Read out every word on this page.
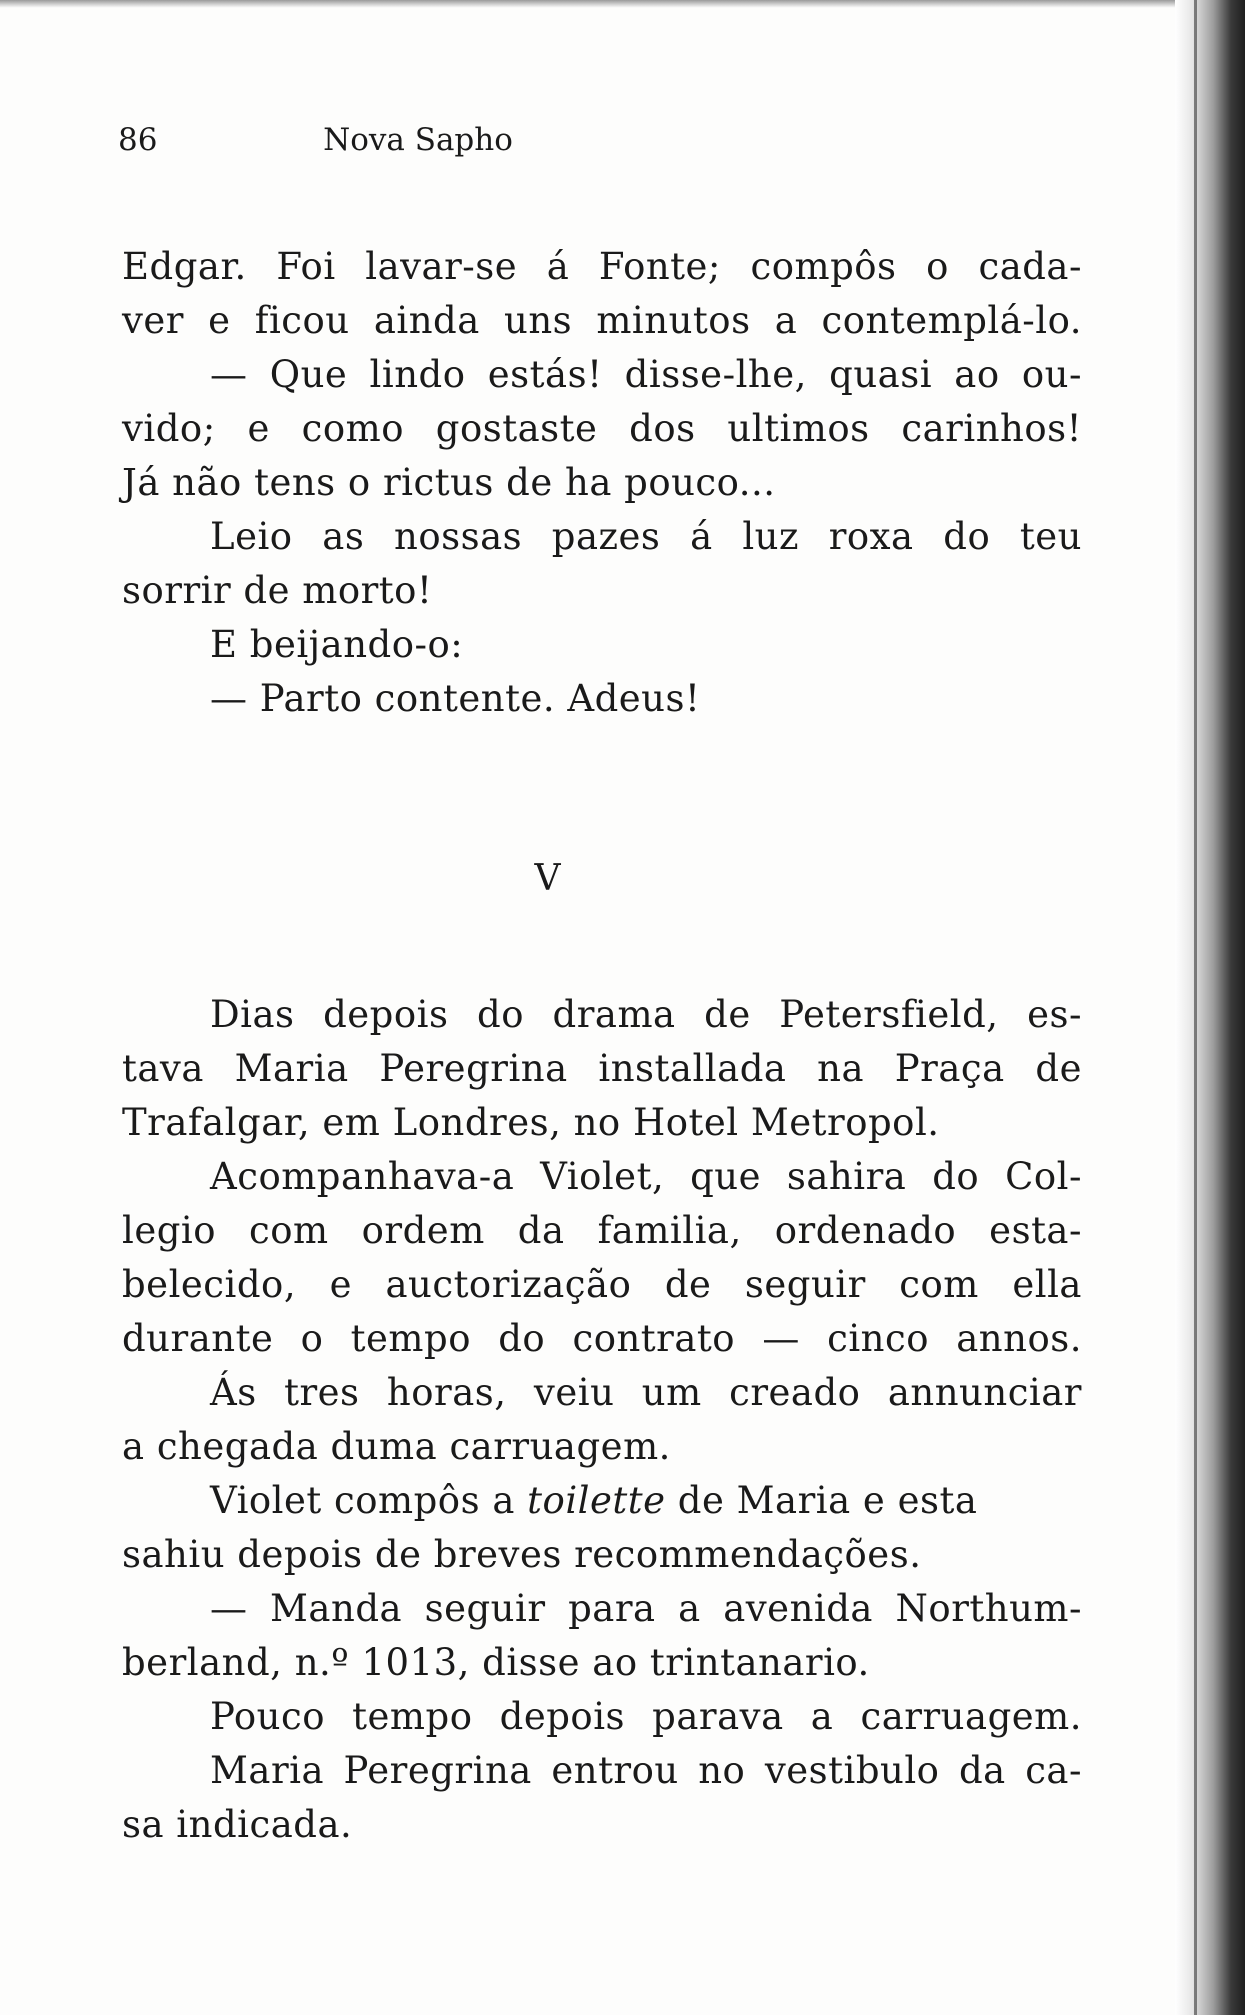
86	Nova Sapho
Edgar. Foi lavar-se á Fonte; compôs o cada-
ver e ficou ainda uns minutos a contemplá-lo.
— Que lindo estás! disse-lhe, quasi ao ou-
vido; e como gostaste dos ultimos carinhos!
Já não tens o rictus de ha pouco...
Leio as nossas pazes á luz roxa do teu
sorrir de morto!
E beijando-o:
— Parto contente. Adeus!
V
Dias depois do drama de Petersfield, es-
tava Maria Peregrina installada na Praça de
Trafalgar, em Londres, no Hotel Metropol.
Acompanhava-a Violet, que sahira do Col-
legio com ordem da familia, ordenado esta-
belecido, e auctorização de seguir com ella
durante o tempo do contrato — cinco annos.
Ás tres horas, veiu um creado annunciar
a chegada duma carruagem.
Violet compôs a toilette de Maria e esta
sahiu depois de breves recommendações.
— Manda seguir para a avenida Northum-
berland, n.º 1013, disse ao trintanario.
Pouco tempo depois parava a carruagem.
Maria Peregrina entrou no vestibulo da ca-
sa indicada.
